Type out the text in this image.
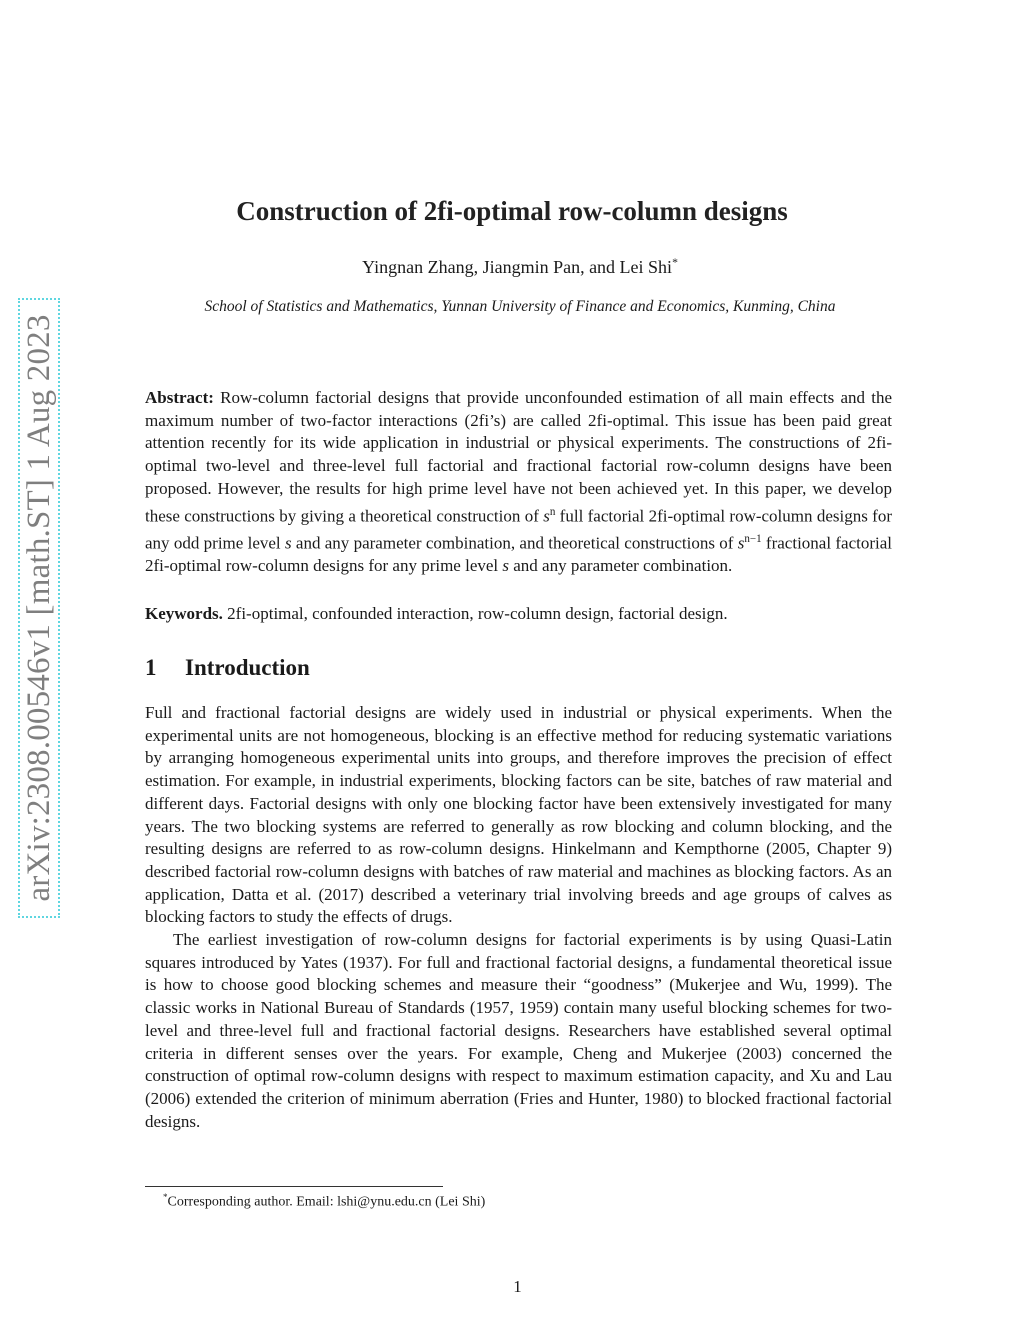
arXiv:2308.00546v1 [math.ST] 1 Aug 2023
Construction of 2fi-optimal row-column designs
Yingnan Zhang, Jiangmin Pan, and Lei Shi*
School of Statistics and Mathematics, Yunnan University of Finance and Economics, Kunming, China
Abstract: Row-column factorial designs that provide unconfounded estimation of all main effects and the maximum number of two-factor interactions (2fi’s) are called 2fi-optimal. This issue has been paid great attention recently for its wide application in industrial or physical experiments. The constructions of 2fi-optimal two-level and three-level full factorial and fractional factorial row-column designs have been proposed. However, the results for high prime level have not been achieved yet. In this paper, we develop these constructions by giving a theoretical construction of $s^n$ full factorial 2fi-optimal row-column designs for any odd prime level s and any parameter combination, and theoretical constructions of $s^{n-1}$ fractional factorial 2fi-optimal row-column designs for any prime level s and any parameter combination.
Keywords. 2fi-optimal, confounded interaction, row-column design, factorial design.
1 Introduction

Full and fractional factorial designs are widely used in industrial or physical experiments. When the experimental units are not homogeneous, blocking is an effective method for reducing systematic variations by arranging homogeneous experimental units into groups, and therefore improves the precision of effect estimation. For example, in industrial experiments, blocking factors can be site, batches of raw material and different days. Factorial designs with only one blocking factor have been extensively investigated for many years. The two blocking systems are referred to generally as row blocking and column blocking, and the resulting designs are referred to as row-column designs. Hinkelmann and Kempthorne (2005, Chapter 9) described factorial row-column designs with batches of raw material and machines as blocking factors. As an application, Datta et al. (2017) described a veterinary trial involving breeds and age groups of calves as blocking factors to study the effects of drugs.

The earliest investigation of row-column designs for factorial experiments is by using Quasi-Latin squares introduced by Yates (1937). For full and fractional factorial designs, a fundamental theoretical issue is how to choose good blocking schemes and measure their “goodness” (Mukerjee and Wu, 1999). The classic works in National Bureau of Standards (1957, 1959) contain many useful blocking schemes for two-level and three-level full and fractional factorial designs. Researchers have established several optimal criteria in different senses over the years. For example, Cheng and Mukerjee (2003) concerned the construction of optimal row-column designs with respect to maximum estimation capacity, and Xu and Lau (2006) extended the criterion of minimum aberration (Fries and Hunter, 1980) to blocked fractional factorial designs.

*Corresponding author. Email: lshi@ynu.edu.cn (Lei Shi)
1
